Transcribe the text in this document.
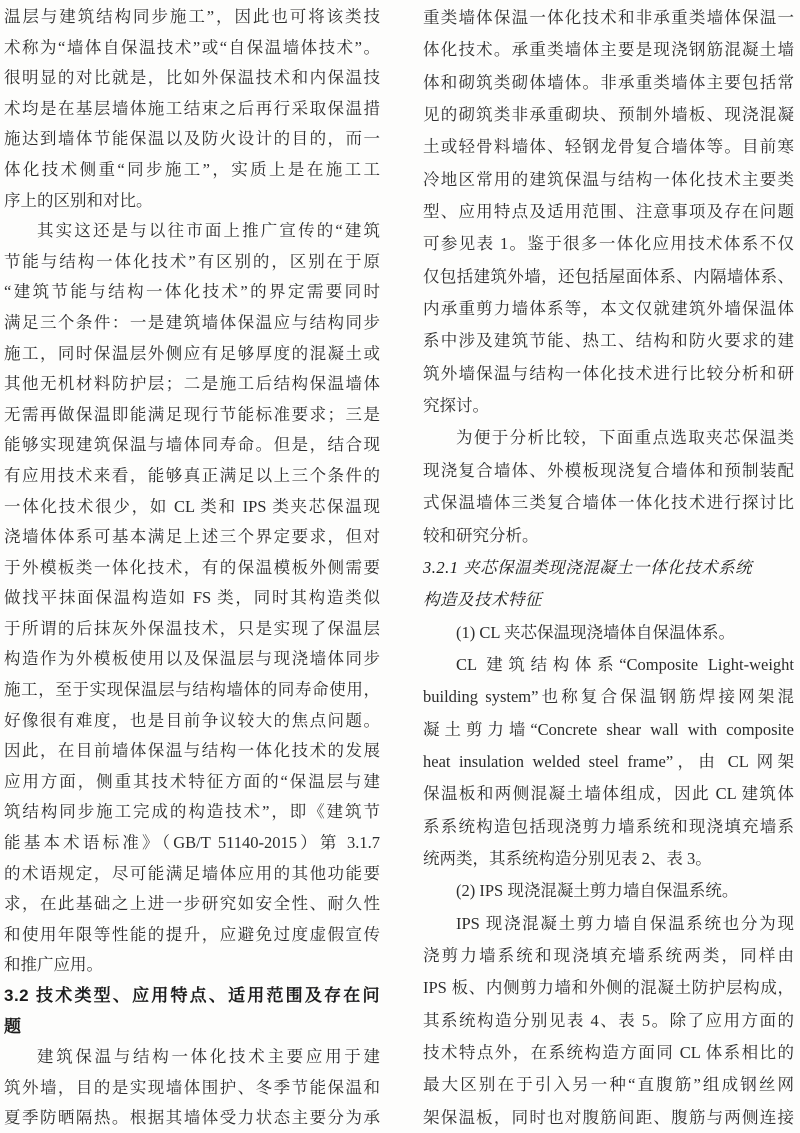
温层与建筑结构同步施工”，因此也可将该类技
术称为“墙体自保温技术”或“自保温墙体技术”。
很明显的对比就是，比如外保温技术和内保温技
术均是在基层墙体施工结束之后再行采取保温措
施达到墙体节能保温以及防火设计的目的，而一
体化技术侧重“同步施工”，实质上是在施工工
序上的区别和对比。
其实这还是与以往市面上推广宣传的“建筑
节能与结构一体化技术”有区别的，区别在于原
“建筑节能与结构一体化技术”的界定需要同时
满足三个条件：一是建筑墙体保温应与结构同步
施工，同时保温层外侧应有足够厚度的混凝土或
其他无机材料防护层；二是施工后结构保温墙体
无需再做保温即能满足现行节能标准要求；三是
能够实现建筑保温与墙体同寿命。但是，结合现
有应用技术来看，能够真正满足以上三个条件的
一体化技术很少，如 CL 类和 IPS 类夹芯保温现
浇墙体体系可基本满足上述三个界定要求，但对
于外模板类一体化技术，有的保温模板外侧需要
做找平抹面保温构造如 FS 类，同时其构造类似
于所谓的后抹灰外保温技术，只是实现了保温层
构造作为外模板使用以及保温层与现浇墙体同步
施工，至于实现保温层与结构墙体的同寿命使用，
好像很有难度，也是目前争议较大的焦点问题。
因此，在目前墙体保温与结构一体化技术的发展
应用方面，侧重其技术特征方面的“保温层与建
筑结构同步施工完成的构造技术”，即《建筑节
能基本术语标准》（GB/T 51140-2015）第 3.1.7
的术语规定，尽可能满足墙体应用的其他功能要
求，在此基础之上进一步研究如安全性、耐久性
和使用年限等性能的提升，应避免过度虚假宣传
和推广应用。
3.2 技术类型、应用特点、适用范围及存在问
题
建筑保温与结构一体化技术主要应用于建
筑外墙，目的是实现墙体围护、冬季节能保温和
夏季防晒隔热。根据其墙体受力状态主要分为承
重类墙体保温一体化技术和非承重类墙体保温一
体化技术。承重类墙体主要是现浇钢筋混凝土墙
体和砌筑类砌体墙体。非承重类墙体主要包括常
见的砌筑类非承重砌块、预制外墙板、现浇混凝
土或轻骨料墙体、轻钢龙骨复合墙体等。目前寒
冷地区常用的建筑保温与结构一体化技术主要类
型、应用特点及适用范围、注意事项及存在问题
可参见表 1。鉴于很多一体化应用技术体系不仅
仅包括建筑外墙，还包括屋面体系、内隔墙体系、
内承重剪力墙体系等，本文仅就建筑外墙保温体
系中涉及建筑节能、热工、结构和防火要求的建
筑外墙保温与结构一体化技术进行比较分析和研
究探讨。
为便于分析比较，下面重点选取夹芯保温类
现浇复合墙体、外模板现浇复合墙体和预制装配
式保温墙体三类复合墙体一体化技术进行探讨比
较和研究分析。
3.2.1 夹芯保温类现浇混凝土一体化技术系统
构造及技术特征
(1) CL 夹芯保温现浇墙体自保温体系。
CL 建筑结构体系“Composite Light-weight
building system”也称复合保温钢筋焊接网架混
凝土剪力墙“Concrete shear wall with composite
heat insulation welded steel frame”，由 CL 网架
保温板和两侧混凝土墙体组成，因此 CL 建筑体
系系统构造包括现浇剪力墙系统和现浇填充墙系
统两类，其系统构造分别见表 2、表 3。
(2) IPS 现浇混凝土剪力墙自保温系统。
IPS 现浇混凝土剪力墙自保温系统也分为现
浇剪力墙系统和现浇填充墙系统两类，同样由
IPS 板、内侧剪力墙和外侧的混凝土防护层构成，
其系统构造分别见表 4、表 5。除了应用方面的
技术特点外，在系统构造方面同 CL 体系相比的
最大区别在于引入另一种“直腹筋”组成钢丝网
架保温板，同时也对腹筋间距、腹筋与两侧连接
